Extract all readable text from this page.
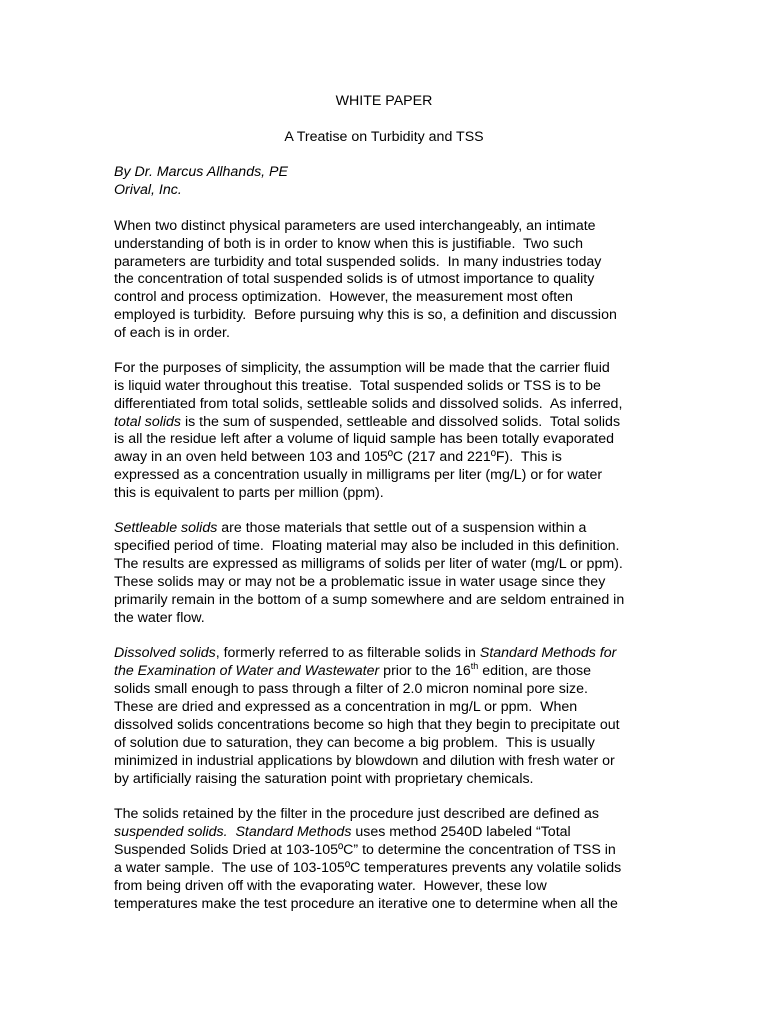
WHITE PAPER
A Treatise on Turbidity and TSS
By Dr. Marcus Allhands, PE
Orival, Inc.
When two distinct physical parameters are used interchangeably, an intimate
understanding of both is in order to know when this is justifiable.  Two such
parameters are turbidity and total suspended solids.  In many industries today
the concentration of total suspended solids is of utmost importance to quality
control and process optimization.  However, the measurement most often
employed is turbidity.  Before pursuing why this is so, a definition and discussion
of each is in order.
For the purposes of simplicity, the assumption will be made that the carrier fluid
is liquid water throughout this treatise.  Total suspended solids or TSS is to be
differentiated from total solids, settleable solids and dissolved solids.  As inferred,
total solids is the sum of suspended, settleable and dissolved solids.  Total solids
is all the residue left after a volume of liquid sample has been totally evaporated
away in an oven held between 103 and 105ºC (217 and 221ºF).  This is
expressed as a concentration usually in milligrams per liter (mg/L) or for water
this is equivalent to parts per million (ppm).
Settleable solids are those materials that settle out of a suspension within a
specified period of time.  Floating material may also be included in this definition.
The results are expressed as milligrams of solids per liter of water (mg/L or ppm).
These solids may or may not be a problematic issue in water usage since they
primarily remain in the bottom of a sump somewhere and are seldom entrained in
the water flow.
Dissolved solids, formerly referred to as filterable solids in Standard Methods for
the Examination of Water and Wastewater prior to the 16th edition, are those
solids small enough to pass through a filter of 2.0 micron nominal pore size.
These are dried and expressed as a concentration in mg/L or ppm.  When
dissolved solids concentrations become so high that they begin to precipitate out
of solution due to saturation, they can become a big problem.  This is usually
minimized in industrial applications by blowdown and dilution with fresh water or
by artificially raising the saturation point with proprietary chemicals.
The solids retained by the filter in the procedure just described are defined as
suspended solids. Standard Methods uses method 2540D labeled “Total
Suspended Solids Dried at 103-105ºC” to determine the concentration of TSS in
a water sample.  The use of 103-105ºC temperatures prevents any volatile solids
from being driven off with the evaporating water.  However, these low
temperatures make the test procedure an iterative one to determine when all the
